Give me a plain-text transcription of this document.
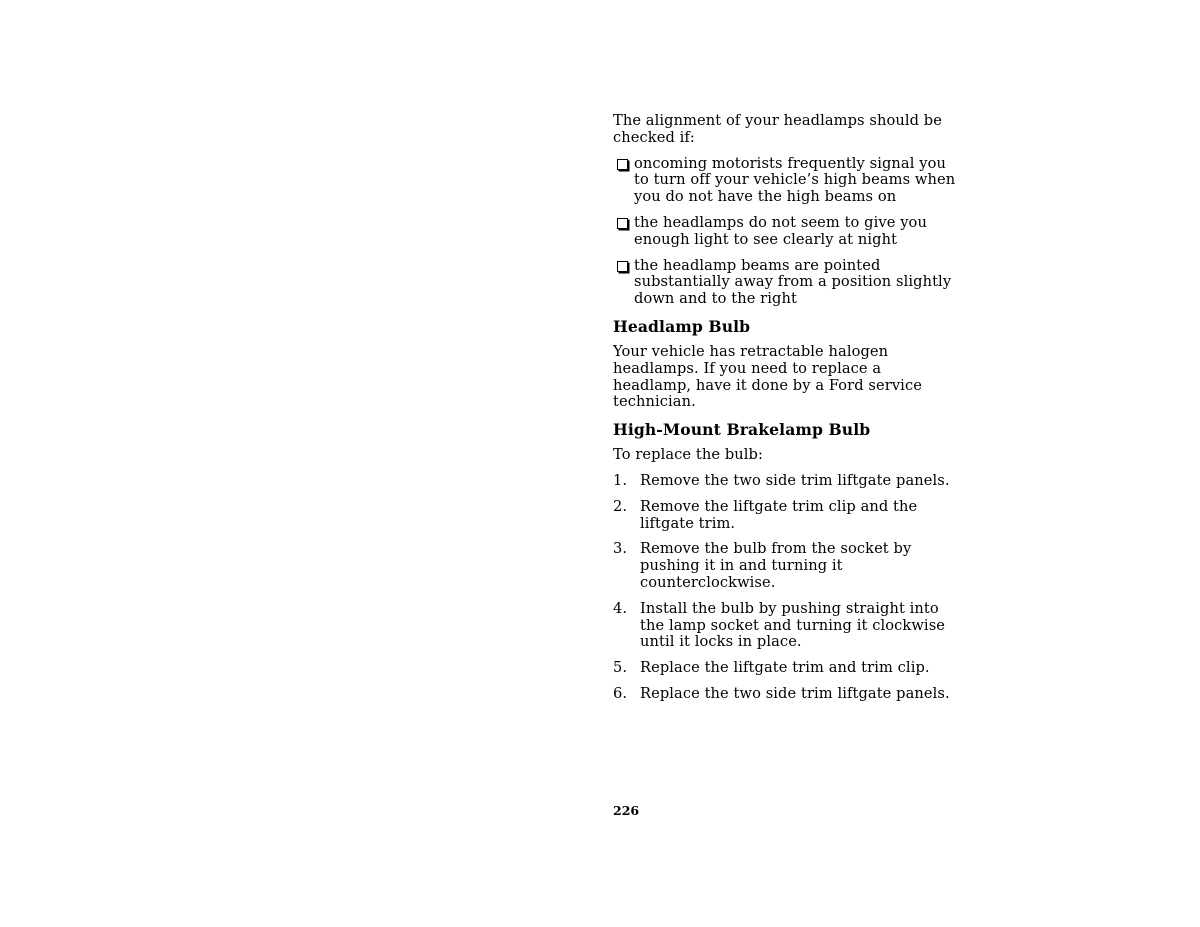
The alignment of your headlamps should be checked if:

oncoming motorists frequently signal you to turn off your vehicle’s high beams when you do not have the high beams on
the headlamps do not seem to give you enough light to see clearly at night
the headlamp beams are pointed substantially away from a position slightly down and to the right
Headlamp Bulb

Your vehicle has retractable halogen headlamps. If you need to replace a headlamp, have it done by a Ford service technician.

High-Mount Brakelamp Bulb

To replace the bulb:

1. Remove the two side trim liftgate panels.
2. Remove the liftgate trim clip and the liftgate trim.
3. Remove the bulb from the socket by pushing it in and turning it counterclockwise.
4. Install the bulb by pushing straight into the lamp socket and turning it clockwise until it locks in place.
5. Replace the liftgate trim and trim clip.
6. Replace the two side trim liftgate panels.
226
